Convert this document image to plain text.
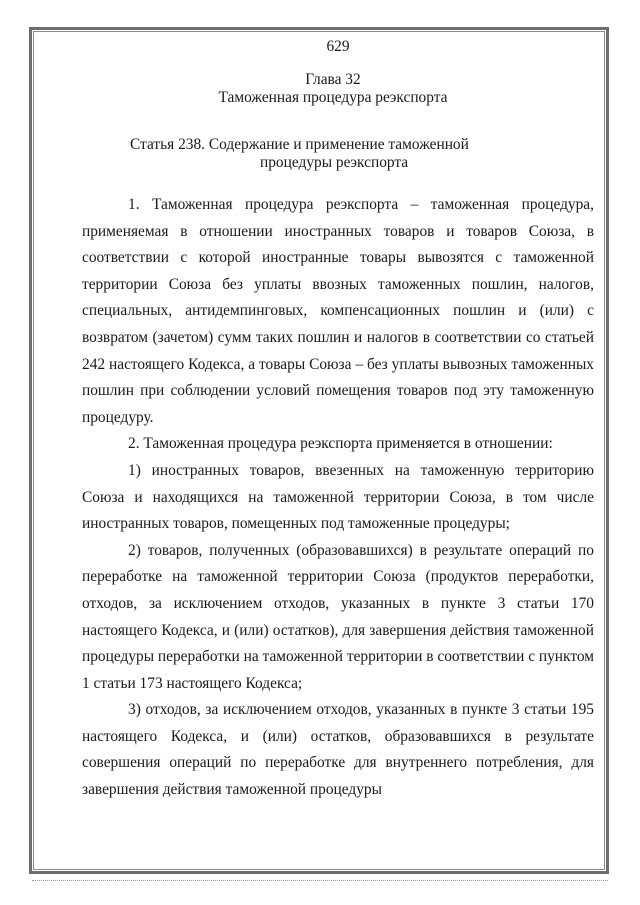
629
Глава 32
Таможенная процедура реэкспорта
Статья 238. Содержание и применение таможенной
процедуры реэкспорта

1. Таможенная процедура реэкспорта – таможенная процедура, применяемая в отношении иностранных товаров и товаров Союза, в соответствии с которой иностранные товары вывозятся с таможенной территории Союза без уплаты ввозных таможенных пошлин, налогов, специальных, антидемпинговых, компенсационных пошлин и (или) с возвратом (зачетом) сумм таких пошлин и налогов в соответствии со статьей 242 настоящего Кодекса, а товары Союза – без уплаты вывозных таможенных пошлин при соблюдении условий помещения товаров под эту таможенную процедуру.

2. Таможенная процедура реэкспорта применяется в отношении:

1) иностранных товаров, ввезенных на таможенную территорию Союза и находящихся на таможенной территории Союза, в том числе иностранных товаров, помещенных под таможенные процедуры;

2) товаров, полученных (образовавшихся) в результате операций по переработке на таможенной территории Союза (продуктов переработки, отходов, за исключением отходов, указанных в пункте 3 статьи 170 настоящего Кодекса, и (или) остатков), для завершения действия таможенной процедуры переработки на таможенной территории в соответствии с пунктом 1 статьи 173 настоящего Кодекса;

3) отходов, за исключением отходов, указанных в пункте 3 статьи 195 настоящего Кодекса, и (или) остатков, образовавшихся в результате совершения операций по переработке для внутреннего потребления, для завершения действия таможенной процедуры
